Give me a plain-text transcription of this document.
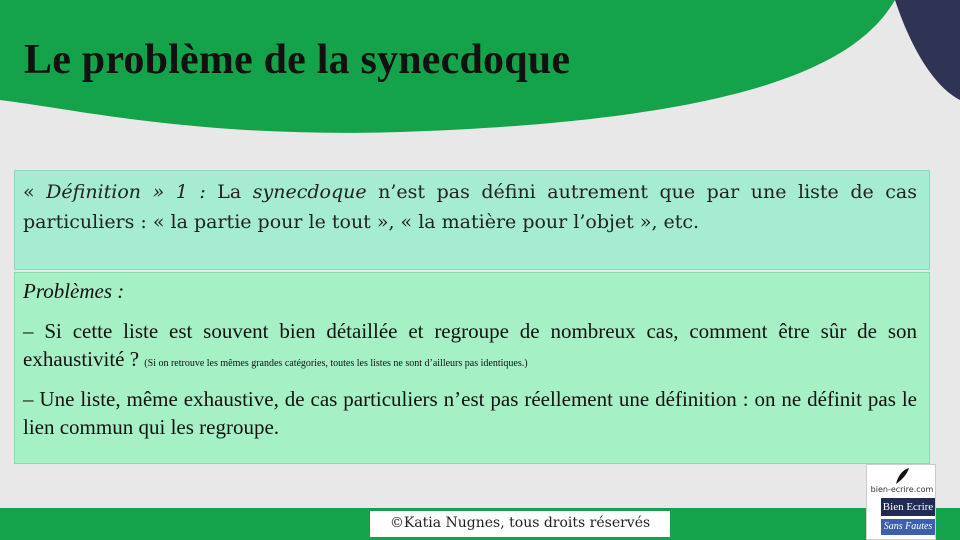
Le problème de la synecdoque

« Définition » 1 : La synecdoque n’est pas défini autrement que par une liste de cas particuliers : « la partie pour le tout », « la matière pour l’objet », etc.

Problèmes :

– Si cette liste est souvent bien détaillée et regroupe de nombreux cas, comment être sûr de son exhaustivité ? (Si on retrouve les mêmes grandes catégories, toutes les listes ne sont d’ailleurs pas identiques.)

– Une liste, même exhaustive, de cas particuliers n’est pas réellement une définition : on ne définit pas le lien commun qui les regroupe.

©Katia Nugnes, tous droits réservés
bien-ecrire.com
Bien Ecrire
Sans Fautes
